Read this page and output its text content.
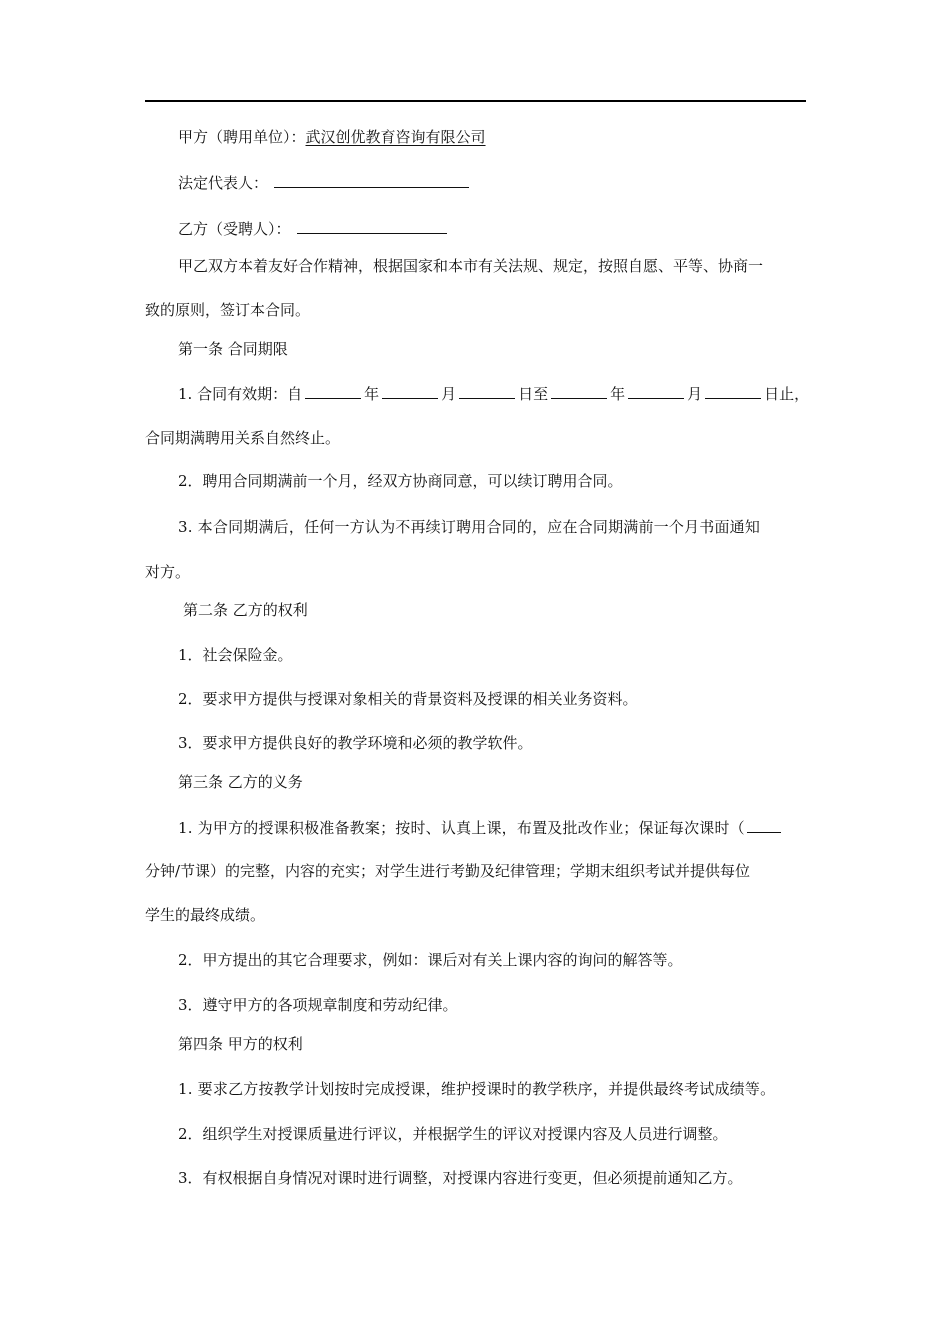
甲方（聘用单位）：武汉创优教育咨询有限公司
法定代表人：
乙方（受聘人）：
甲乙双方本着友好合作精神，根据国家和本市有关法规、规定，按照自愿、平等、协商一
致的原则，签订本合同。
第一条 合同期限
1. 合同有效期：自	年	月	日至	年	月	日止，
合同期满聘用关系自然终止。
2．聘用合同期满前一个月，经双方协商同意，可以续订聘用合同。
3. 本合同期满后，任何一方认为不再续订聘用合同的，应在合同期满前一个月书面通知
对方。
第二条 乙方的权利
1．社会保险金。
2．要求甲方提供与授课对象相关的背景资料及授课的相关业务资料。
3．要求甲方提供良好的教学环境和必须的教学软件。
第三条 乙方的义务
1. 为甲方的授课积极准备教案；按时、认真上课，布置及批改作业；保证每次课时（
分钟/节课）的完整，内容的充实；对学生进行考勤及纪律管理；学期末组织考试并提供每位
学生的最终成绩。
2．甲方提出的其它合理要求，例如：课后对有关上课内容的询问的解答等。
3．遵守甲方的各项规章制度和劳动纪律。
第四条 甲方的权利
1. 要求乙方按教学计划按时完成授课，维护授课时的教学秩序，并提供最终考试成绩等。
2．组织学生对授课质量进行评议，并根据学生的评议对授课内容及人员进行调整。
3．有权根据自身情况对课时进行调整，对授课内容进行变更，但必须提前通知乙方。
